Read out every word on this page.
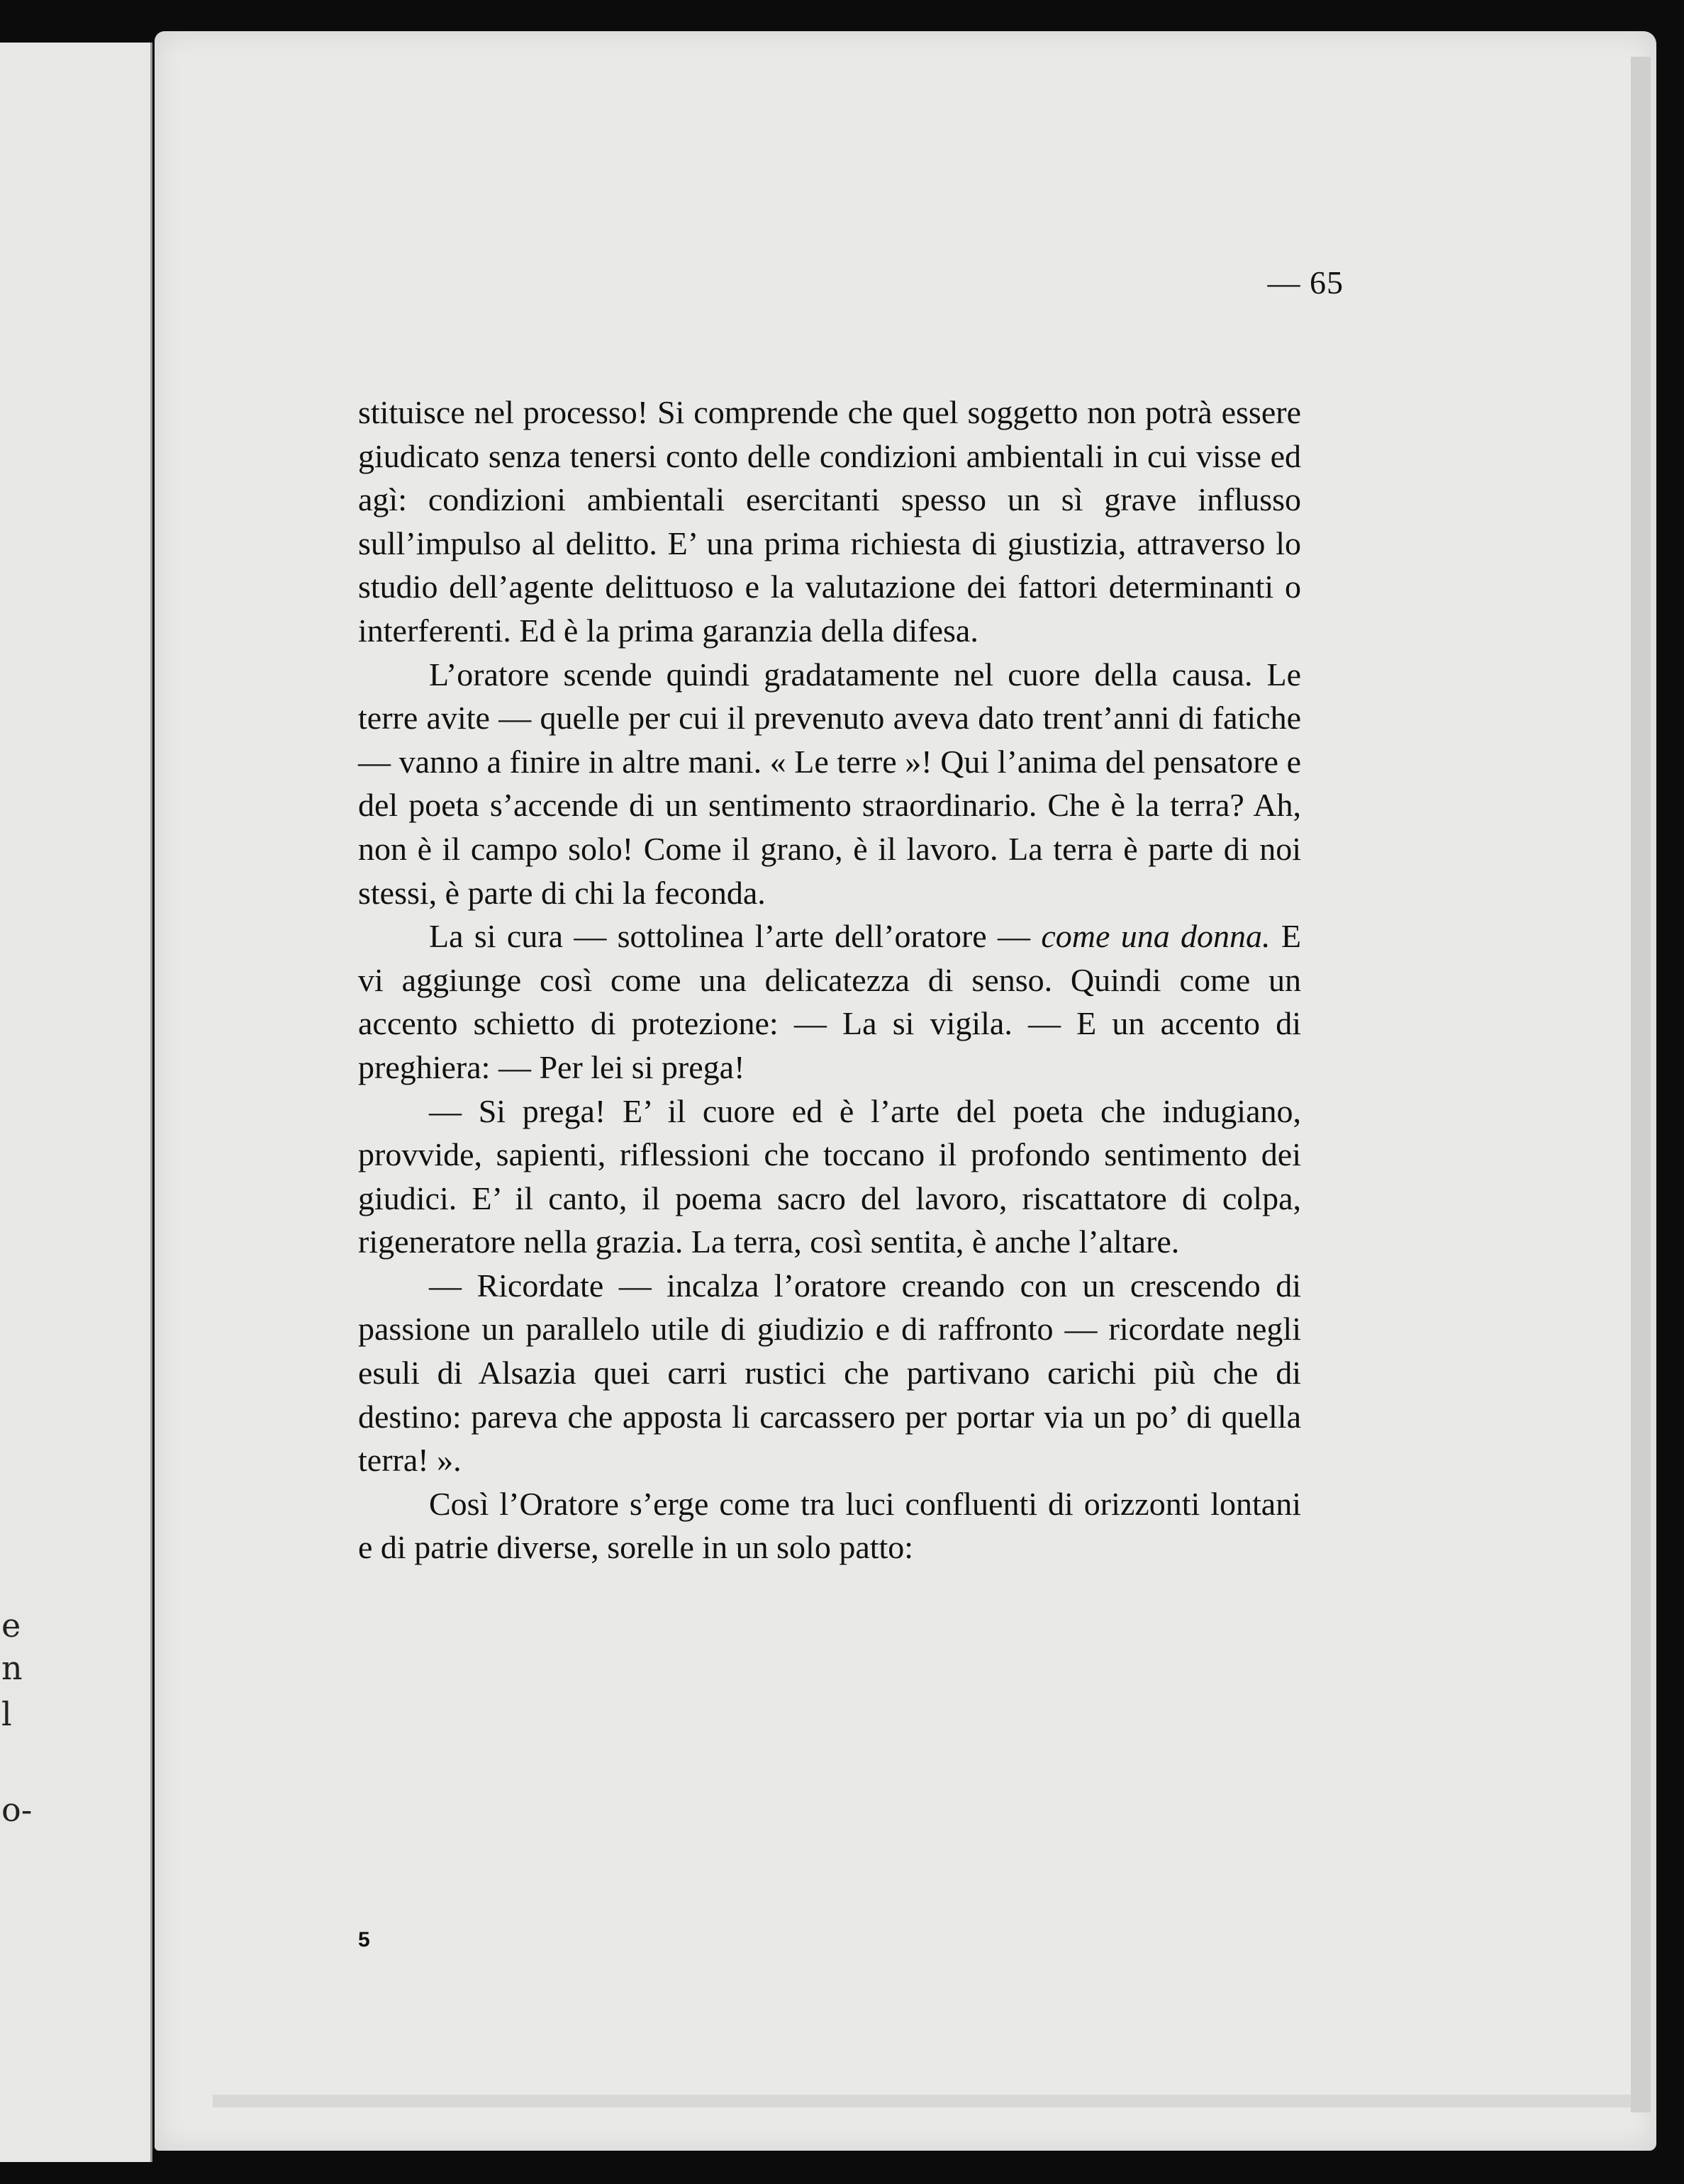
e
n
l
o-

— 65

stituisce nel processo! Si comprende che quel soggetto non potrà essere giudicato senza tenersi conto delle condizioni ambientali in cui visse ed agì: condizioni ambientali esercitanti spesso un sì grave influsso sull’impulso al delitto. E’ una prima richiesta di giustizia, attraverso lo studio dell’agente delittuoso e la valutazione dei fattori determinanti o interferenti. Ed è la prima garanzia della difesa.

L’oratore scende quindi gradatamente nel cuore della causa. Le terre avite — quelle per cui il prevenuto aveva dato trent’anni di fatiche — vanno a finire in altre mani. « Le terre »! Qui l’anima del pensatore e del poeta s’accende di un sentimento straordinario. Che è la terra? Ah, non è il campo solo! Come il grano, è il lavoro. La terra è parte di noi stessi, è parte di chi la feconda.

La si cura — sottolinea l’arte dell’oratore — come una donna. E vi aggiunge così come una delicatezza di senso. Quindi come un accento schietto di protezione: — La si vigila. — E un accento di preghiera: — Per lei si prega!

— Si prega! E’ il cuore ed è l’arte del poeta che indugiano, provvide, sapienti, riflessioni che toccano il profondo sentimento dei giudici. E’ il canto, il poema sacro del lavoro, riscattatore di colpa, rigeneratore nella grazia. La terra, così sentita, è anche l’altare.

— Ricordate — incalza l’oratore creando con un crescendo di passione un parallelo utile di giudizio e di raffronto — ricordate negli esuli di Alsazia quei carri rustici che partivano carichi più che di destino: pareva che apposta li carcassero per portar via un po’ di quella terra! ».

Così l’Oratore s’erge come tra luci confluenti di orizzonti lontani e di patrie diverse, sorelle in un solo patto:

5
